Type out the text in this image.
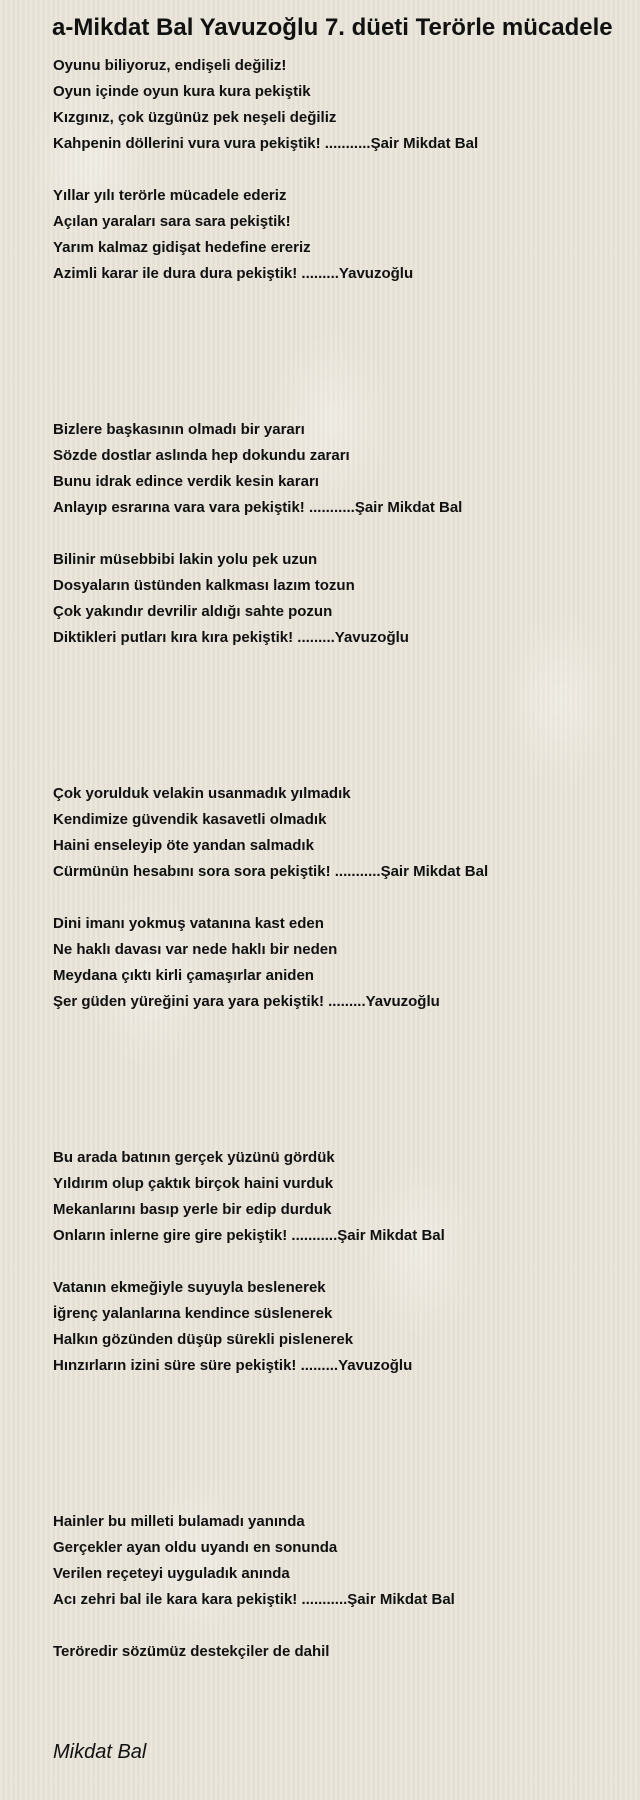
a-Mikdat Bal Yavuzoğlu 7. düeti Terörle mücadele
Oyunu biliyoruz, endişeli değiliz!
Oyun içinde oyun kura kura pekiştik
Kızgınız, çok üzgünüz pek neşeli değiliz
Kahpenin döllerini vura vura pekiştik! ...........Şair Mikdat Bal
Yıllar yılı terörle mücadele ederiz
Açılan yaraları sara sara pekiştik!
Yarım kalmaz gidişat hedefine ereriz
Azimli karar ile dura dura pekiştik! .........Yavuzoğlu
Bizlere başkasının olmadı bir yararı
Sözde dostlar aslında hep dokundu zararı
Bunu idrak edince verdik kesin kararı
Anlayıp esrarına vara vara pekiştik! ...........Şair Mikdat Bal
Bilinir müsebbibi lakin yolu pek uzun
Dosyaların üstünden kalkması lazım tozun
Çok yakındır devrilir aldığı sahte pozun
Diktikleri putları kıra kıra pekiştik! .........Yavuzoğlu
Çok yorulduk velakin usanmadık yılmadık
Kendimize güvendik kasavetli olmadık
Haini enseleyip öte yandan salmadık
Cürmünün hesabını sora sora pekiştik! ...........Şair Mikdat Bal
Dini imanı yokmuş vatanına kast eden
Ne haklı davası var nede haklı bir neden
Meydana çıktı kirli çamaşırlar aniden
Şer güden yüreğini yara yara pekiştik! .........Yavuzoğlu
Bu arada batının gerçek yüzünü gördük
Yıldırım olup çaktık birçok haini vurduk
Mekanlarını basıp yerle bir edip durduk
Onların inlerne gire gire pekiştik! ...........Şair Mikdat Bal
Vatanın ekmeğiyle suyuyla beslenerek
İğrenç yalanlarına kendince süslenerek
Halkın gözünden düşüp sürekli pislenerek
Hınzırların izini süre süre pekiştik! .........Yavuzoğlu
Hainler bu milleti bulamadı yanında
Gerçekler ayan oldu uyandı en sonunda
Verilen reçeteyi uyguladık anında
Acı zehri bal ile kara kara pekiştik! ...........Şair Mikdat Bal
Teröredir sözümüz destekçiler de dahil
Mikdat Bal
